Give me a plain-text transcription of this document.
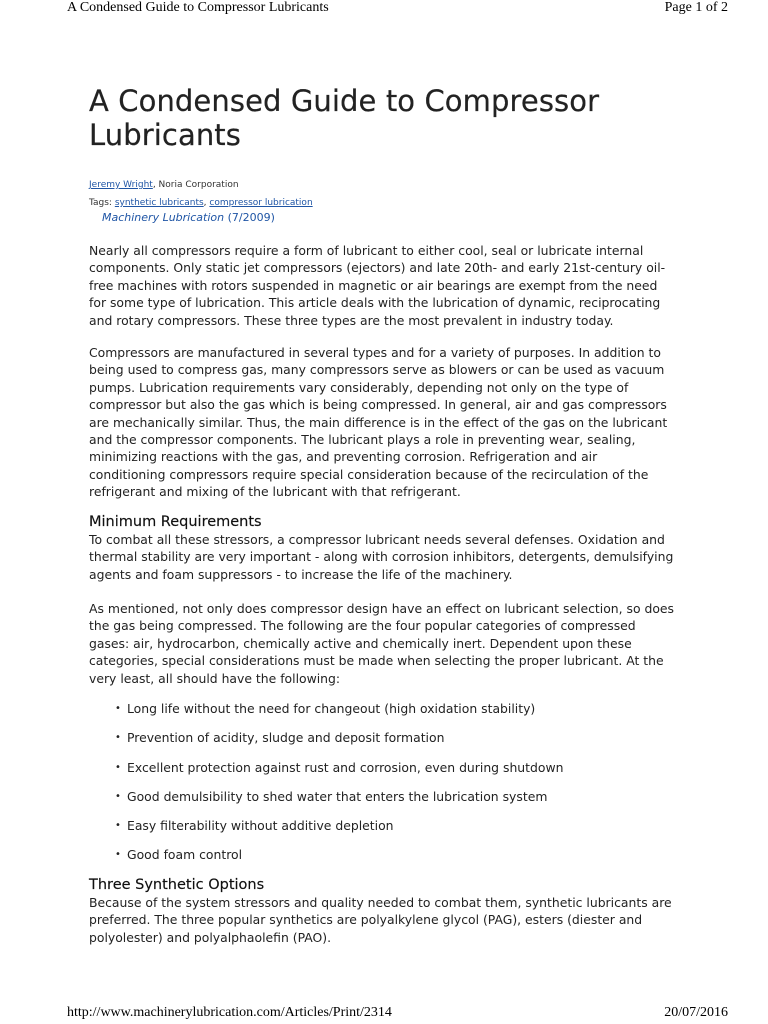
A Condensed Guide to Compressor Lubricants	Page 1 of 2
A Condensed Guide to Compressor Lubricants
Jeremy Wright, Noria Corporation
Tags: synthetic lubricants, compressor lubrication
Machinery Lubrication (7/2009)

Nearly all compressors require a form of lubricant to either cool, seal or lubricate internal components. Only static jet compressors (ejectors) and late 20th- and early 21st-century oil-free machines with rotors suspended in magnetic or air bearings are exempt from the need for some type of lubrication. This article deals with the lubrication of dynamic, reciprocating and rotary compressors. These three types are the most prevalent in industry today.

Compressors are manufactured in several types and for a variety of purposes. In addition to being used to compress gas, many compressors serve as blowers or can be used as vacuum pumps. Lubrication requirements vary considerably, depending not only on the type of compressor but also the gas which is being compressed. In general, air and gas compressors are mechanically similar. Thus, the main difference is in the effect of the gas on the lubricant and the compressor components. The lubricant plays a role in preventing wear, sealing, minimizing reactions with the gas, and preventing corrosion. Refrigeration and air conditioning compressors require special consideration because of the recirculation of the refrigerant and mixing of the lubricant with that refrigerant.

Minimum Requirements

To combat all these stressors, a compressor lubricant needs several defenses. Oxidation and thermal stability are very important - along with corrosion inhibitors, detergents, demulsifying agents and foam suppressors - to increase the life of the machinery.

As mentioned, not only does compressor design have an effect on lubricant selection, so does the gas being compressed. The following are the four popular categories of compressed gases: air, hydrocarbon, chemically active and chemically inert. Dependent upon these categories, special considerations must be made when selecting the proper lubricant. At the very least, all should have the following:

• Long life without the need for changeout (high oxidation stability)
• Prevention of acidity, sludge and deposit formation
• Excellent protection against rust and corrosion, even during shutdown
• Good demulsibility to shed water that enters the lubrication system
• Easy filterability without additive depletion
• Good foam control
Three Synthetic Options

Because of the system stressors and quality needed to combat them, synthetic lubricants are preferred. The three popular synthetics are polyalkylene glycol (PAG), esters (diester and polyolester) and polyalphaolefin (PAO).

http://www.machinerylubrication.com/Articles/Print/2314	20/07/2016
